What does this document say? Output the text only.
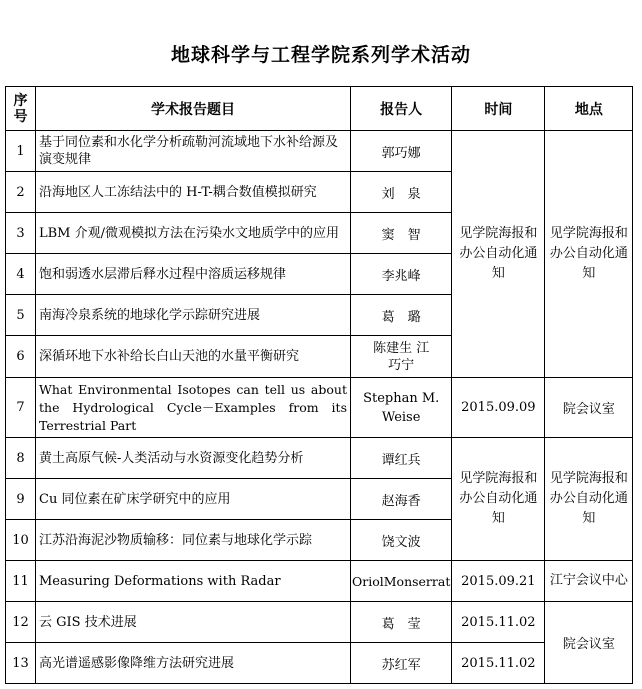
地球科学与工程学院系列学术活动
序号	学术报告题目	报告人	时间	地点
1	基于同位素和水化学分析疏勒河流域地下水补给源及演变规律	郭巧娜	见学院海报和办公自动化通知	见学院海报和办公自动化通知
2	沿海地区人工冻结法中的 H-T-耦合数值模拟研究	刘　泉		
3	LBM 介观/微观模拟方法在污染水文地质学中的应用	窦　智		
4	饱和弱透水层滞后释水过程中溶质运移规律	李兆峰		
5	南海冷泉系统的地球化学示踪研究进展	葛　璐		
6	深循环地下水补给长白山天池的水量平衡研究	陈建生 江巧宁		
7	What Environmental Isotopes can tell us about the Hydrological Cycle－Examples from its Terrestrial Part	Stephan M. Weise	2015.09.09	院会议室
8	黄土高原气候-人类活动与水资源变化趋势分析	谭红兵	见学院海报和办公自动化通知	见学院海报和办公自动化通知
9	Cu 同位素在矿床学研究中的应用	赵海香		
10	江苏沿海泥沙物质输移：同位素与地球化学示踪	饶文波		
11	Measuring Deformations with Radar	OriolMonserrat	2015.09.21	江宁会议中心
12	云 GIS 技术进展	葛　莹	2015.11.02	院会议室
13	高光谱遥感影像降维方法研究进展	苏红军	2015.11.02	
